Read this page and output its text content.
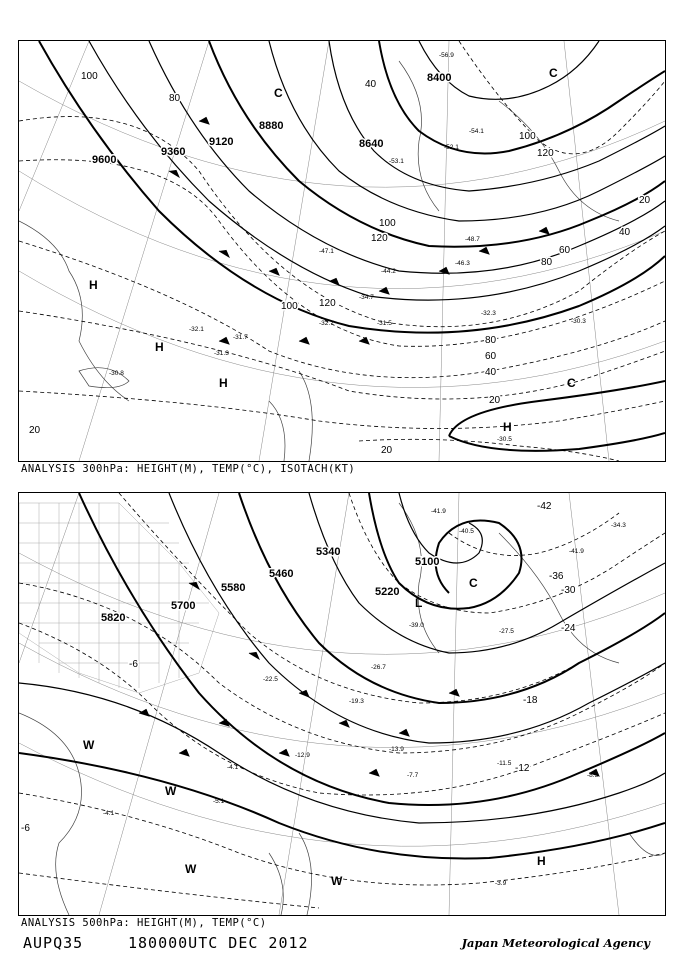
9600
9360
9120
8880
8640
8400
100
80
40
120
100
120
80
60
40
20
20
20
60
80
100
120
100
40
20
H
H
H
H
C
C
C
-31.5
-32.3
-30.3
-31.3
-30.8
-30.5
-53.1
-52.1
-47.1
-48.7
-46.3
-44.2
-34.7
-32.7
-31.7
-32.1
-56.9
-54.1
ANALYSIS 300hPa: HEIGHT(M), TEMP(°C), ISOTACH(KT)
5820
5700
5580
5460
5340
5220
5100
-42
-36
-30
-24
-18
-12
-6
-6
W
W
W
W
H
C
L
-41.9
-40.5
-34.3
-41.9
-39.0
-27.5
-26.7
-22.5
-19.3
-13.9
-12.9
-11.5
-8.5
-4.1
-4.1
-7.7
-5.1
-3.9
ANALYSIS 500hPa: HEIGHT(M), TEMP(°C)
AUPQ35	180000UTC DEC 2012	Japan Meteorological Agency
